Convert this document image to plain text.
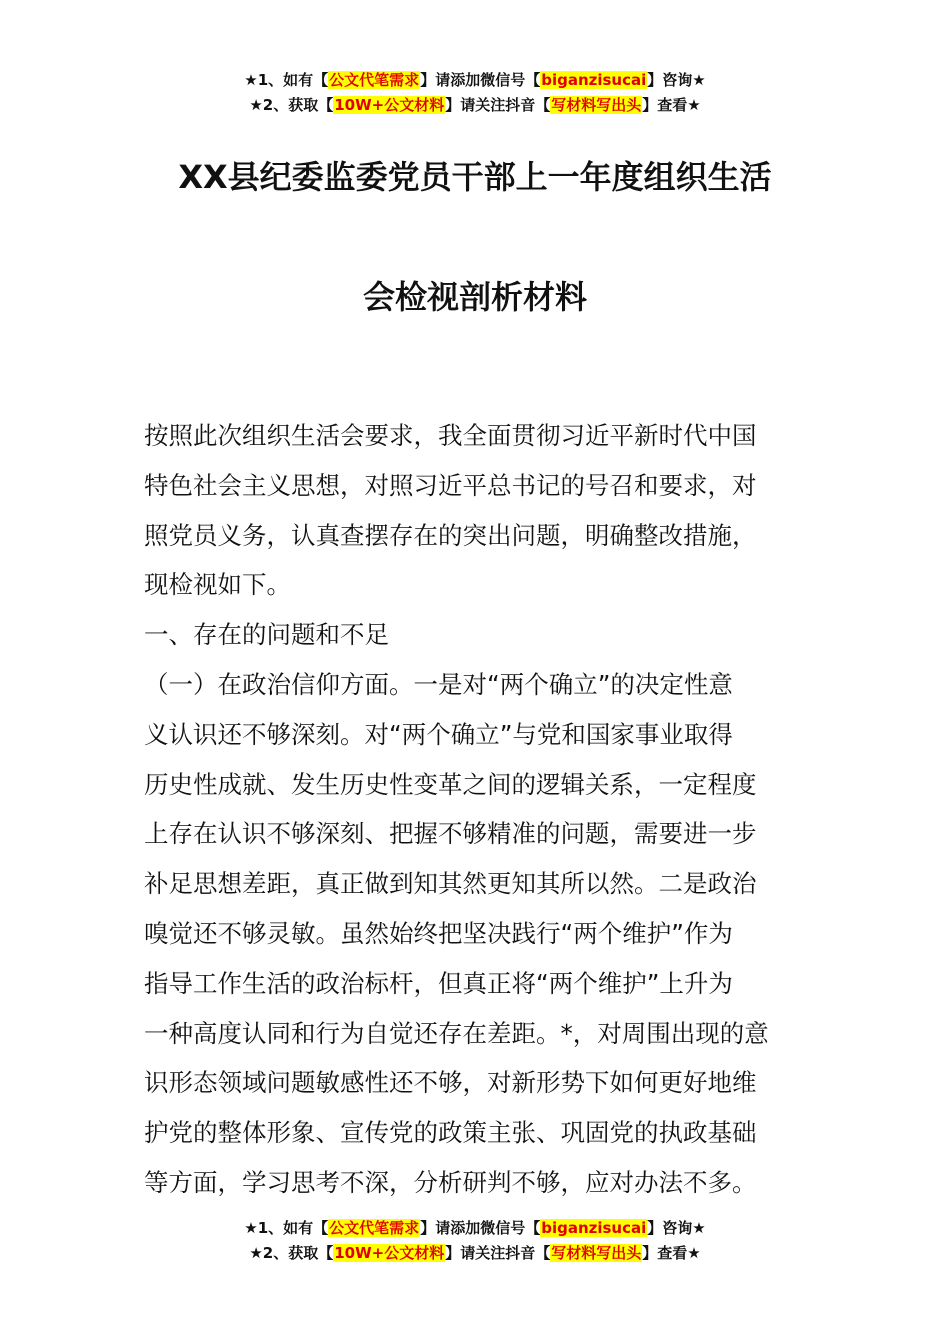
★1、如有【公文代笔需求】请添加微信号【biganzisucai】咨询★
★2、获取【10W+公文材料】请关注抖音【写材料写出头】查看★
XX县纪委监委党员干部上一年度组织生活
会检视剖析材料

按照此次组织生活会要求，我全面贯彻习近平新时代中国

特色社会主义思想，对照习近平总书记的号召和要求，对

照党员义务，认真查摆存在的突出问题，明确整改措施，

现检视如下。

一、存在的问题和不足

（一）在政治信仰方面。一是对“两个确立”的决定性意

义认识还不够深刻。对“两个确立”与党和国家事业取得

历史性成就、发生历史性变革之间的逻辑关系，一定程度

上存在认识不够深刻、把握不够精准的问题，需要进一步

补足思想差距，真正做到知其然更知其所以然。二是政治

嗅觉还不够灵敏。虽然始终把坚决践行“两个维护”作为

指导工作生活的政治标杆，但真正将“两个维护”上升为

一种高度认同和行为自觉还存在差距。*，对周围出现的意

识形态领域问题敏感性还不够，对新形势下如何更好地维

护党的整体形象、宣传党的政策主张、巩固党的执政基础

等方面，学习思考不深，分析研判不够，应对办法不多。

★1、如有【公文代笔需求】请添加微信号【biganzisucai】咨询★
★2、获取【10W+公文材料】请关注抖音【写材料写出头】查看★
